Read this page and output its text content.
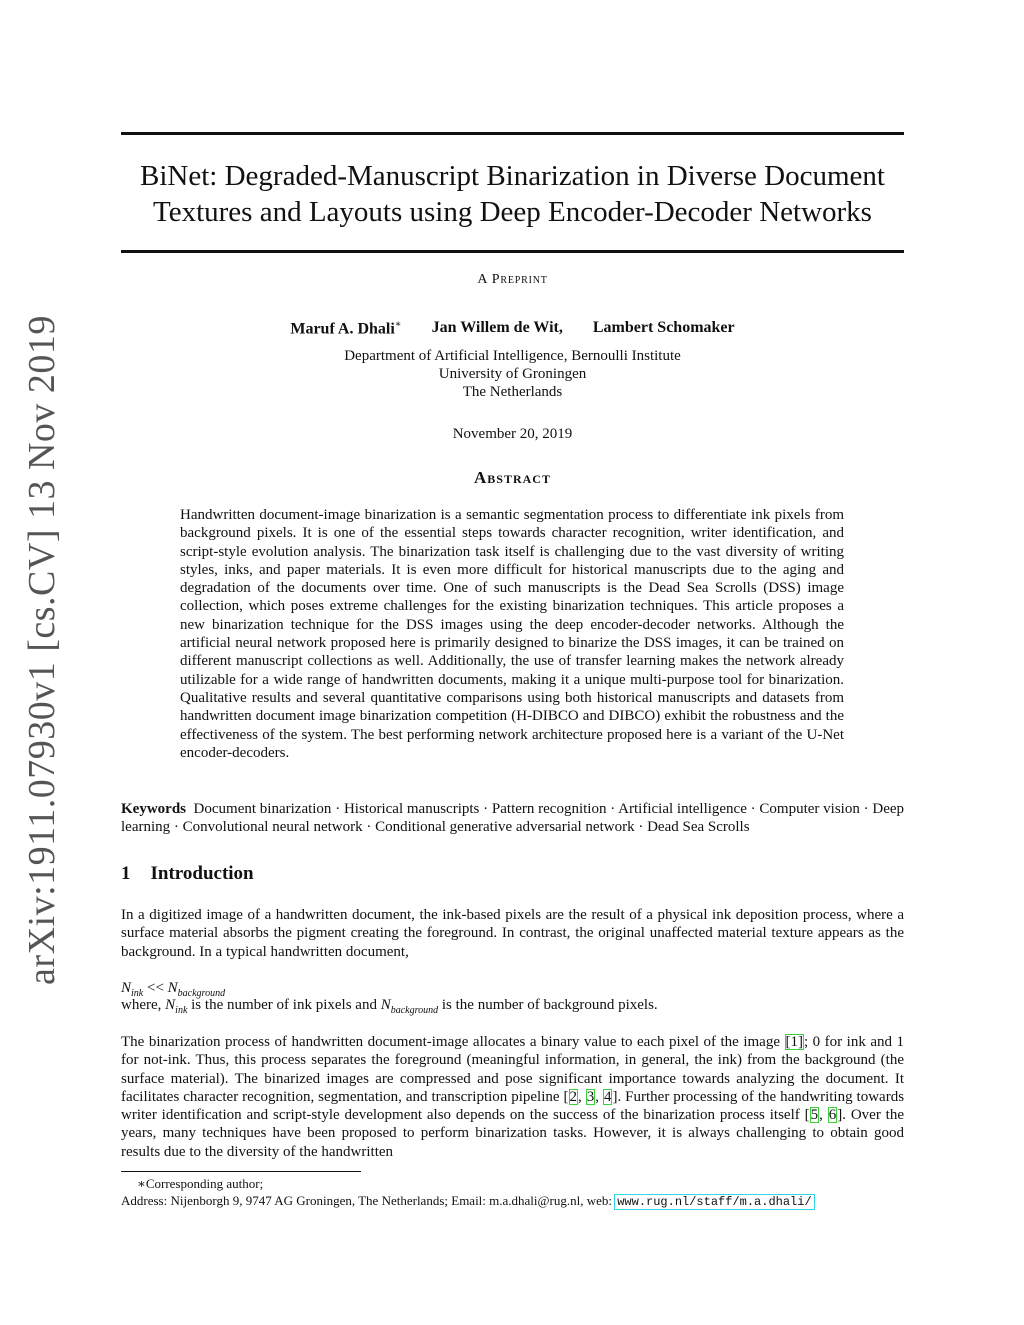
arXiv:1911.07930v1 [cs.CV] 13 Nov 2019
BiNet: Degraded-Manuscript Binarization in Diverse Document
Textures and Layouts using Deep Encoder-Decoder Networks
A Preprint
Maruf A. Dhali∗ Jan Willem de Wit, Lambert Schomaker
Department of Artificial Intelligence, Bernoulli Institute
University of Groningen
The Netherlands
November 20, 2019
Abstract

Handwritten document-image binarization is a semantic segmentation process to differentiate ink pixels from background pixels. It is one of the essential steps towards character recognition, writer identification, and script-style evolution analysis. The binarization task itself is challenging due to the vast diversity of writing styles, inks, and paper materials. It is even more difficult for historical manuscripts due to the aging and degradation of the documents over time. One of such manuscripts is the Dead Sea Scrolls (DSS) image collection, which poses extreme challenges for the existing binarization techniques. This article proposes a new binarization technique for the DSS images using the deep encoder-decoder networks. Although the artificial neural network proposed here is primarily designed to binarize the DSS images, it can be trained on different manuscript collections as well. Additionally, the use of transfer learning makes the network already utilizable for a wide range of handwritten documents, making it a unique multi-purpose tool for binarization. Qualitative results and several quantitative comparisons using both historical manuscripts and datasets from handwritten document image binarization competition (H-DIBCO and DIBCO) exhibit the robustness and the effectiveness of the system. The best performing network architecture proposed here is a variant of the U-Net encoder-decoders.

Keywords Document binarization · Historical manuscripts · Pattern recognition · Artificial intelligence · Computer vision · Deep learning · Convolutional neural network · Conditional generative adversarial network · Dead Sea Scrolls

1 Introduction

In a digitized image of a handwritten document, the ink-based pixels are the result of a physical ink deposition process, where a surface material absorbs the pigment creating the foreground. In contrast, the original unaffected material texture appears as the background. In a typical handwritten document,

$N_{ink} << N_{background}$
where, $N_{ink}$ is the number of ink pixels and $N_{background}$ is the number of background pixels.

The binarization process of handwritten document-image allocates a binary value to each pixel of the image [1]; 0 for ink and 1 for not-ink. Thus, this process separates the foreground (meaningful information, in general, the ink) from the background (the surface material). The binarized images are compressed and pose significant importance towards analyzing the document. It facilitates character recognition, segmentation, and transcription pipeline [2, 3, 4]. Further processing of the handwriting towards writer identification and script-style development also depends on the success of the binarization process itself [5, 6]. Over the years, many techniques have been proposed to perform binarization tasks. However, it is always challenging to obtain good results due to the diversity of the handwritten

∗Corresponding author;
Address: Nijenborgh 9, 9747 AG Groningen, The Netherlands; Email: m.a.dhali@rug.nl, web: www.rug.nl/staff/m.a.dhali/
